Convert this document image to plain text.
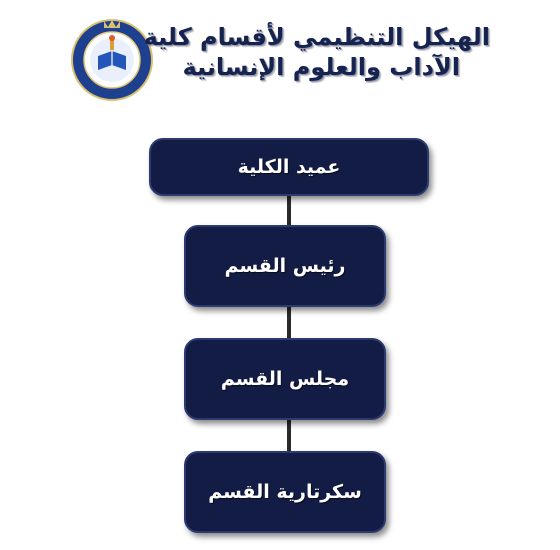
الهيكل التنظيمي لأقسام كلية
الآداب والعلوم الإنسانية
عميد الكلية
رئيس القسم
مجلس القسم
سكرتارية القسم
